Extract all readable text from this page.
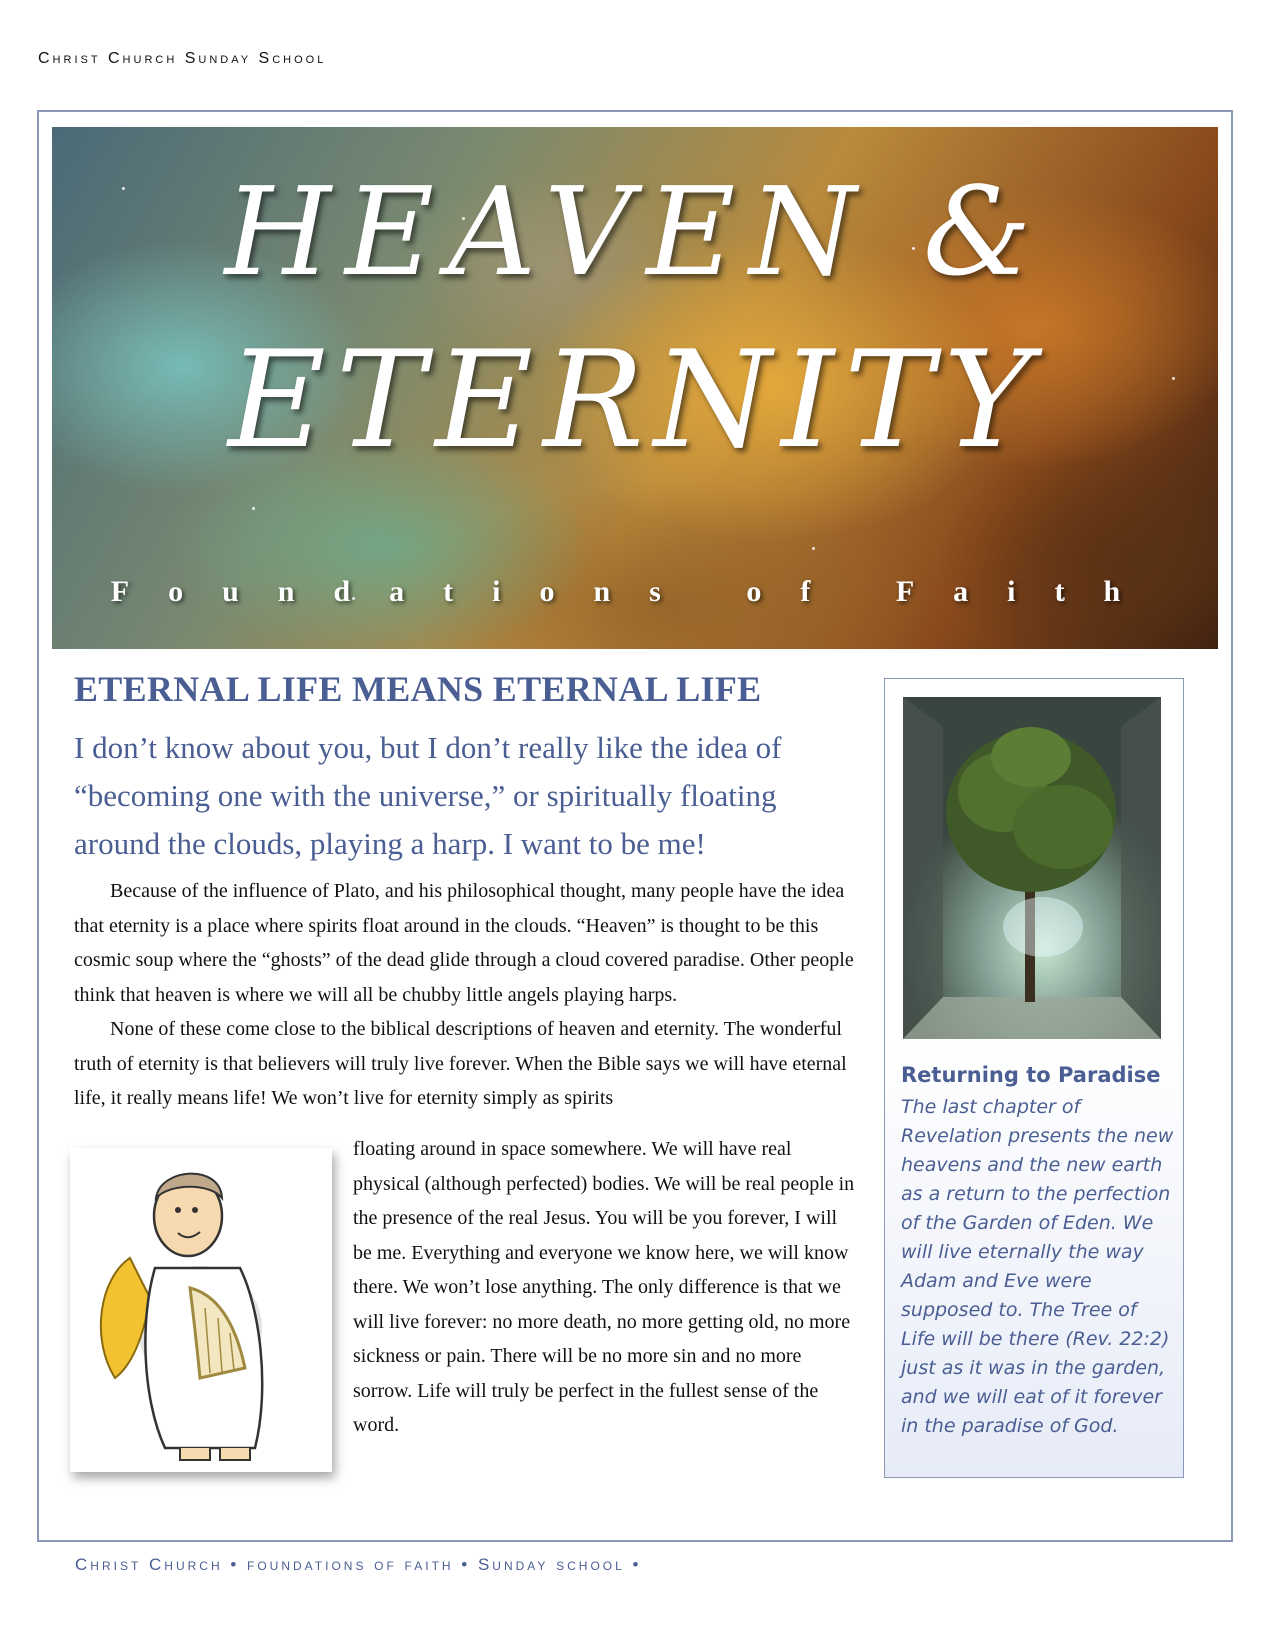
Christ Church Sunday School
HEAVEN &
ETERNITY
Foundations of Faith
ETERNAL LIFE MEANS ETERNAL LIFE

I don’t know about you, but I don’t really like the idea of “becoming one with the universe,” or spiritually floating around the clouds, playing a harp. I want to be me!

Because of the influence of Plato, and his philosophical thought, many people have the idea that eternity is a place where spirits float around in the clouds. “Heaven” is thought to be this cosmic soup where the “ghosts” of the dead glide through a cloud covered paradise. Other people think that heaven is where we will all be chubby little angels playing harps.

None of these come close to the biblical descriptions of heaven and eternity. The wonderful truth of eternity is that believers will truly live forever. When the Bible says we will have eternal life, it really means life! We won’t live for eternity simply as spirits

floating around in space somewhere. We will have real physical (although perfected) bodies. We will be real people in the presence of the real Jesus. You will be you forever, I will be me. Everything and everyone we know here, we will know there. We won’t lose anything. The only difference is that we will live forever: no more death, no more getting old, no more sickness or pain. There will be no more sin and no more sorrow. Life will truly be perfect in the fullest sense of the word.

Returning to Paradise

The last chapter of Revelation presents the new heavens and the new earth as a return to the perfection of the Garden of Eden. We will live eternally the way Adam and Eve were supposed to. The Tree of Life will be there (Rev. 22:2) just as it was in the garden, and we will eat of it forever in the paradise of God.

Christ Church • foundations of faith • Sunday school •
